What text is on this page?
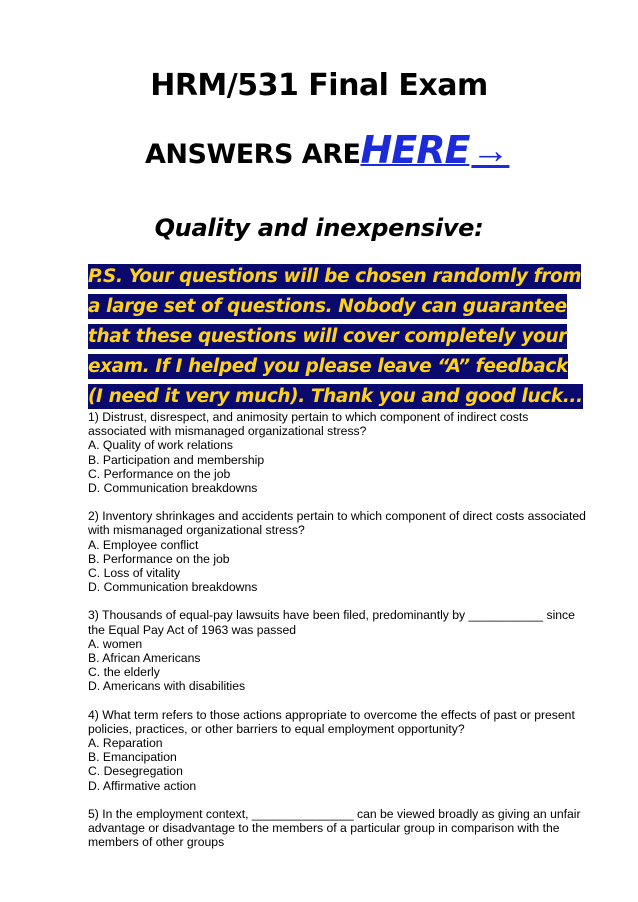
HRM/531 Final Exam
ANSWERS AREHERE→
Quality and inexpensive:
P.S. Your questions will be chosen randomly from a large set of questions. Nobody can guarantee that these questions will cover completely your exam. If I helped you please leave “A” feedback (I need it very much). Thank you and good luck...

1) Distrust, disrespect, and animosity pertain to which component of indirect costs associated with mismanaged organizational stress?

A. Quality of work relations

B. Participation and membership

C. Performance on the job

D. Communication breakdowns

2) Inventory shrinkages and accidents pertain to which component of direct costs associated with mismanaged organizational stress?

A. Employee conflict

B. Performance on the job

C. Loss of vitality

D. Communication breakdowns

3) Thousands of equal-pay lawsuits have been filed, predominantly by ___________ since the Equal Pay Act of 1963 was passed

A. women

B. African Americans

C. the elderly

D. Americans with disabilities

4) What term refers to those actions appropriate to overcome the effects of past or present policies, practices, or other barriers to equal employment opportunity?

A. Reparation

B. Emancipation

C. Desegregation

D. Affirmative action

5) In the employment context, _______________ can be viewed broadly as giving an unfair advantage or disadvantage to the members of a particular group in comparison with the members of other groups
